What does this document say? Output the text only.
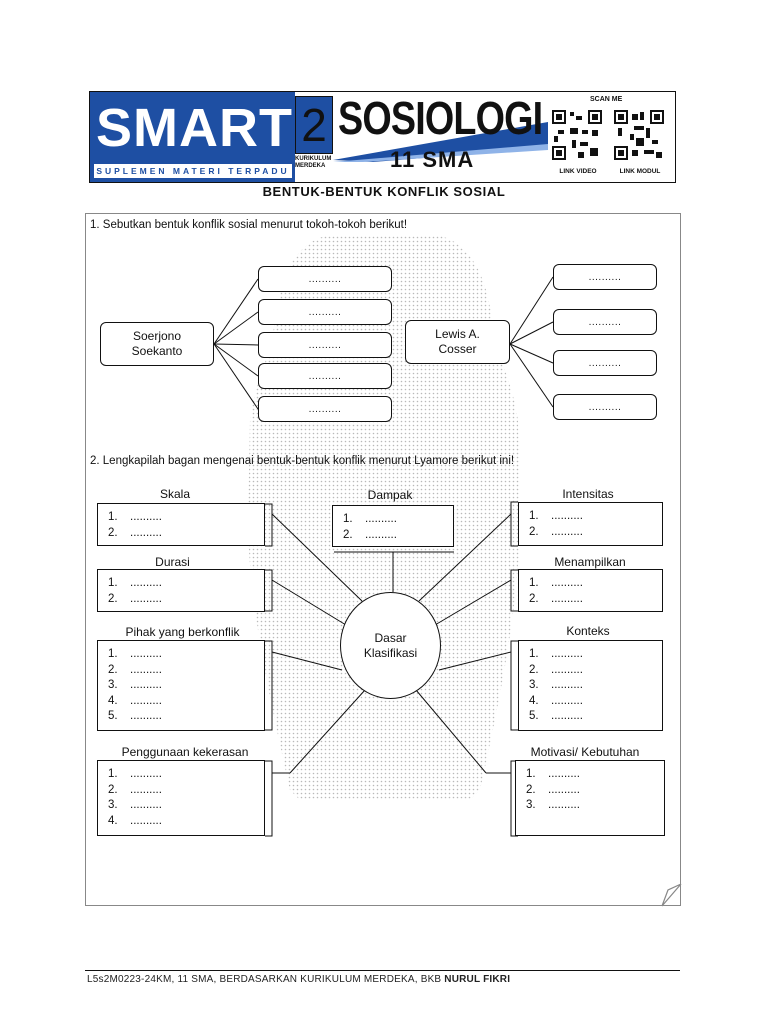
SMART
SUPLEMEN MATERI TERPADU
2
KURIKULUM
MERDEKA
SOSIOLOGI
11 SMA
SCAN ME
LINK VIDEO	LINK MODUL
BENTUK-BENTUK KONFLIK SOSIAL
1. Sebutkan bentuk konflik sosial menurut tokoh-tokoh berikut!
Soerjono
Soekanto
Lewis A.
Cosser
..........
..........
..........
..........
..........
..........
..........
..........
..........
2. Lengkapilah bagan mengenai bentuk-bentuk konflik menurut Lyamore berikut ini!
Dasar
Klasifikasi
Skala	Dampak	Intensitas
Durasi	Menampilkan
Pihak yang berkonflik	Konteks
Penggunaan kekerasan	Motivasi/ Kebutuhan
1. ..........
2. ..........
1. ..........
2. ..........
1. ..........
2. ..........
1. ..........
2. ..........
1. ..........
2. ..........
1. ..........
2. ..........
3. ..........
4. ..........
5. ..........
1. ..........
2. ..........
3. ..........
4. ..........
5. ..........
1. ..........
2. ..........
3. ..........
4. ..........
1. ..........
2. ..........
3. ..........
L5s2M0223-24KM, 11 SMA, BERDASARKAN KURIKULUM MERDEKA, BKB NURUL FIKRI
